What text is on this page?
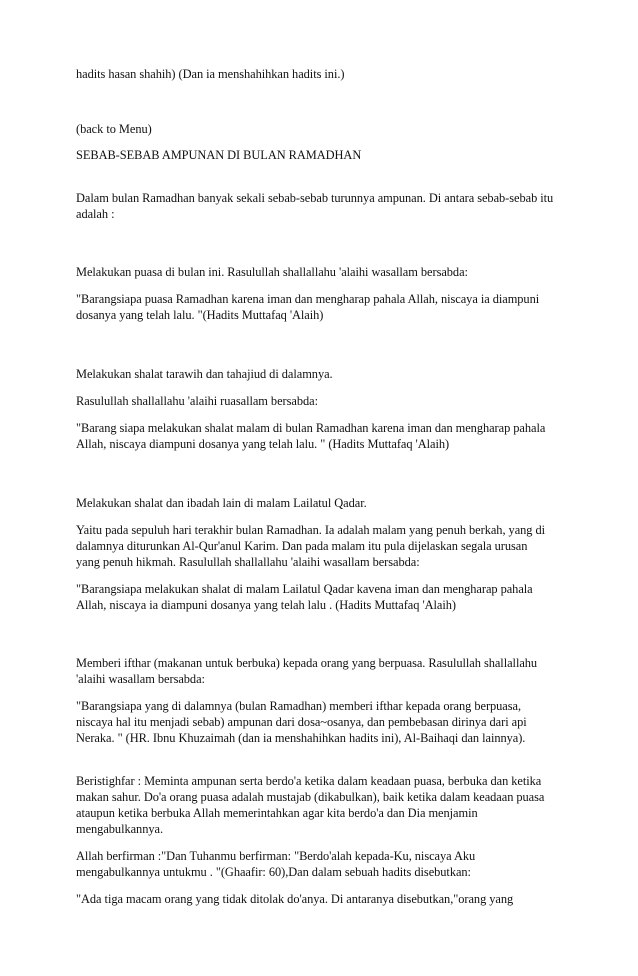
hadits hasan shahih) (Dan ia menshahihkan hadits ini.)
(back to Menu)
SEBAB-SEBAB AMPUNAN DI BULAN RAMADHAN
Dalam bulan Ramadhan banyak sekali sebab-sebab turunnya ampunan. Di antara sebab-sebab itu
adalah :
Melakukan puasa di bulan ini. Rasulullah shallallahu 'alaihi wasallam bersabda:
"Barangsiapa puasa Ramadhan karena iman dan mengharap pahala Allah, niscaya ia diampuni
dosanya yang telah lalu. "(Hadits Muttafaq 'Alaih)
Melakukan shalat tarawih dan tahajiud di dalamnya.
Rasulullah shallallahu 'alaihi ruasallam bersabda:
"Barang siapa melakukan shalat malam di bulan Ramadhan karena iman dan mengharap pahala
Allah, niscaya diampuni dosanya yang telah lalu. " (Hadits Muttafaq 'Alaih)
Melakukan shalat dan ibadah lain di malam Lailatul Qadar.
Yaitu pada sepuluh hari terakhir bulan Ramadhan. Ia adalah malam yang penuh berkah, yang di
dalamnya diturunkan Al-Qur'anul Karim. Dan pada malam itu pula dijelaskan segala urusan
yang penuh hikmah. Rasulullah shallallahu 'alaihi wasallam bersabda:
"Barangsiapa melakukan shalat di malam Lailatul Qadar kavena iman dan mengharap pahala
Allah, niscaya ia diampuni dosanya yang telah lalu . (Hadits Muttafaq 'Alaih)
Memberi ifthar (makanan untuk berbuka) kepada orang yang berpuasa. Rasulullah shallallahu
'alaihi wasallam bersabda:
"Barangsiapa yang di dalamnya (bulan Ramadhan) memberi ifthar kepada orang berpuasa,
niscaya hal itu menjadi sebab) ampunan dari dosa~osanya, dan pembebasan dirinya dari api
Neraka. " (HR. Ibnu Khuzaimah (dan ia menshahihkan hadits ini), Al-Baihaqi dan lainnya).
Beristighfar : Meminta ampunan serta berdo'a ketika dalam keadaan puasa, berbuka dan ketika
makan sahur. Do'a orang puasa adalah mustajab (dikabulkan), baik ketika dalam keadaan puasa
ataupun ketika berbuka Allah memerintahkan agar kita berdo'a dan Dia menjamin
mengabulkannya.
Allah berfirman :"Dan Tuhanmu berfirman: "Berdo'alah kepada-Ku, niscaya Aku
mengabulkannya untukmu . "(Ghaafir: 60),Dan dalam sebuah hadits disebutkan:
"Ada tiga macam orang yang tidak ditolak do'anya. Di antaranya disebutkan,"orang yang
